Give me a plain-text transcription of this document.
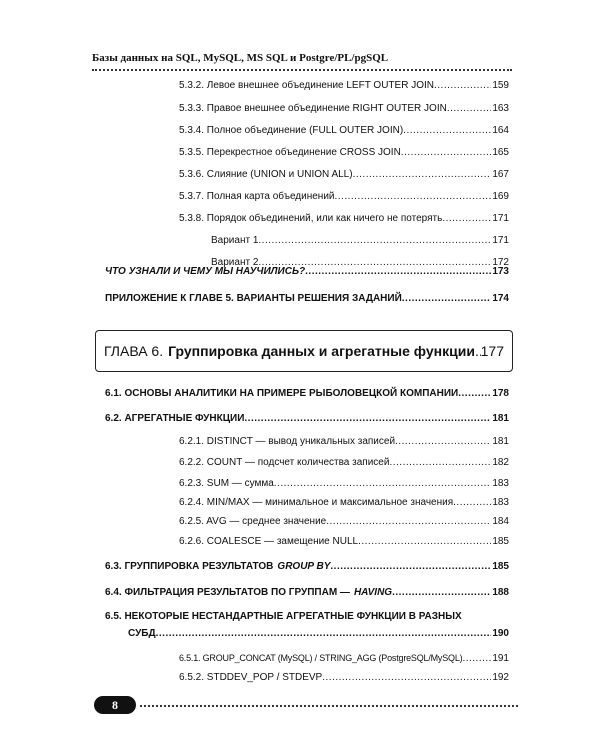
Базы данных на SQL, MySQL, MS SQL и Postgre/PL/pgSQL
5.3.2. Левое внешнее объединение LEFT OUTER JOIN .....	159
5.3.3. Правое внешнее объединение RIGHT OUTER JOIN .....	163
5.3.4. Полное объединение (FULL OUTER JOIN) .....	164
5.3.5. Перекрестное объединение CROSS JOIN .....	165
5.3.6. Слияние (UNION и UNION ALL) .....	167
5.3.7. Полная карта объединений .....	169
5.3.8. Порядок объединений, или как ничего не потерять .....	171
Вариант 1 .....	171
Вариант 2 .....	172
ЧТО УЗНАЛИ И ЧЕМУ МЫ НАУЧИЛИСЬ? .....	173
ПРИЛОЖЕНИЕ К ГЛАВЕ 5. ВАРИАНТЫ РЕШЕНИЯ ЗАДАНИЙ .....	174
ГЛАВА 6. Группировка данных и агрегатные функции ..... 177
6.1. ОСНОВЫ АНАЛИТИКИ НА ПРИМЕРЕ РЫБОЛОВЕЦКОЙ КОМПАНИИ .....	178
6.2. АГРЕГАТНЫЕ ФУНКЦИИ .....	181
6.2.1. DISTINCT — вывод уникальных записей .....	181
6.2.2. COUNT — подсчет количества записей .....	182
6.2.3. SUM — сумма .....	183
6.2.4. MIN/MAX — минимальное и максимальное значения .....	183
6.2.5. AVG — среднее значение .....	184
6.2.6. COALESCE — замещение NULL .....	185
6.3. ГРУППИРОВКА РЕЗУЛЬТАТОВ GROUP BY .....	185
6.4. ФИЛЬТРАЦИЯ РЕЗУЛЬТАТОВ ПО ГРУППАМ — HAVING .....	188
6.5. НЕКОТОРЫЕ НЕСТАНДАРТНЫЕ АГРЕГАТНЫЕ ФУНКЦИИ В РАЗНЫХ
СУБД .....	190
6.5.1. GROUP_CONCAT (MySQL) / STRING_AGG (PostgreSQL/MySQL) .....	191
6.5.2. STDDEV_POP / STDEVP .....	192
8
